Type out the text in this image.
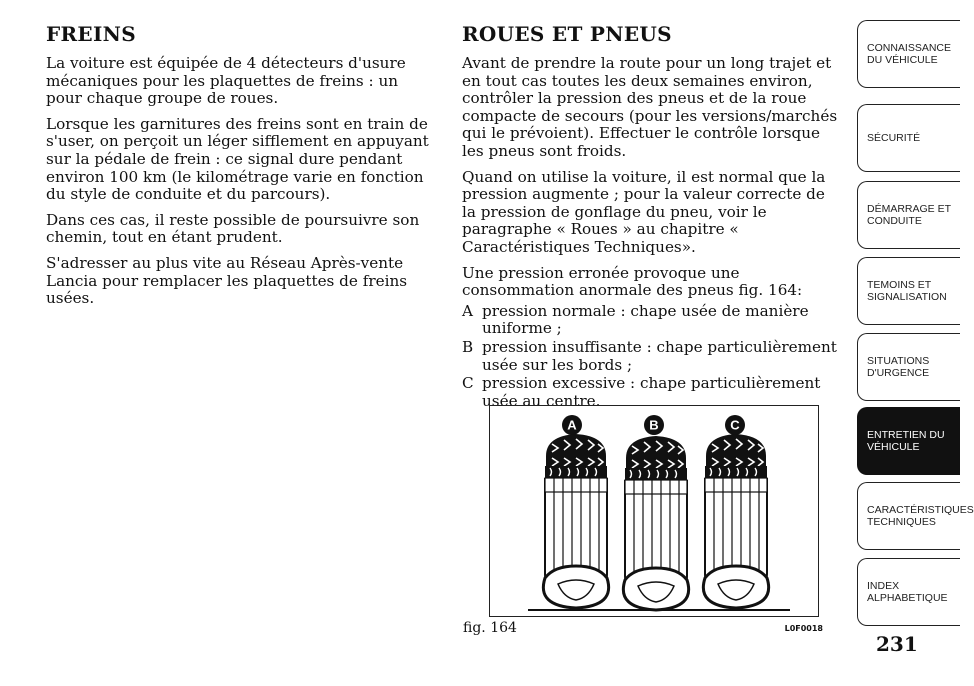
FREINS

La voiture est équipée de 4 détecteurs d'usure mécaniques pour les plaquettes de freins : un pour chaque groupe de roues.

Lorsque les garnitures des freins sont en train de s'user, on perçoit un léger sifflement en appuyant sur la pédale de frein : ce signal dure pendant environ 100 km (le kilométrage varie en fonction du style de conduite et du parcours).

Dans ces cas, il reste possible de poursuivre son chemin, tout en étant prudent.

S'adresser au plus vite au Réseau Après-vente Lancia pour remplacer les plaquettes de freins usées.

ROUES ET PNEUS

Avant de prendre la route pour un long trajet et en tout cas toutes les deux semaines environ, contrôler la pression des pneus et de la roue compacte de secours (pour les versions/marchés qui le prévoient). Effectuer le contrôle lorsque les pneus sont froids.

Quand on utilise la voiture, il est normal que la pression augmente ; pour la valeur correcte de la pression de gonflage du pneu, voir le paragraphe « Roues » au chapitre « Caractéristiques Techniques».

Une pression erronée provoque une consommation anormale des pneus fig. 164:

A pression normale : chape usée de manière uniforme ;
B pression insuffisante : chape particulièrement usée sur les bords ;
C pression excessive : chape particulièrement usée au centre.
A	B	C
fig. 164	L0F0018
CONNAISSANCE DU VÉHICULE
SÉCURITÉ
DÉMARRAGE ET CONDUITE
TEMOINS ET SIGNALISATION
SITUATIONS D'URGENCE
ENTRETIEN DU VÉHICULE
CARACTÉRISTIQUES TECHNIQUES
INDEX ALPHABETIQUE
231
